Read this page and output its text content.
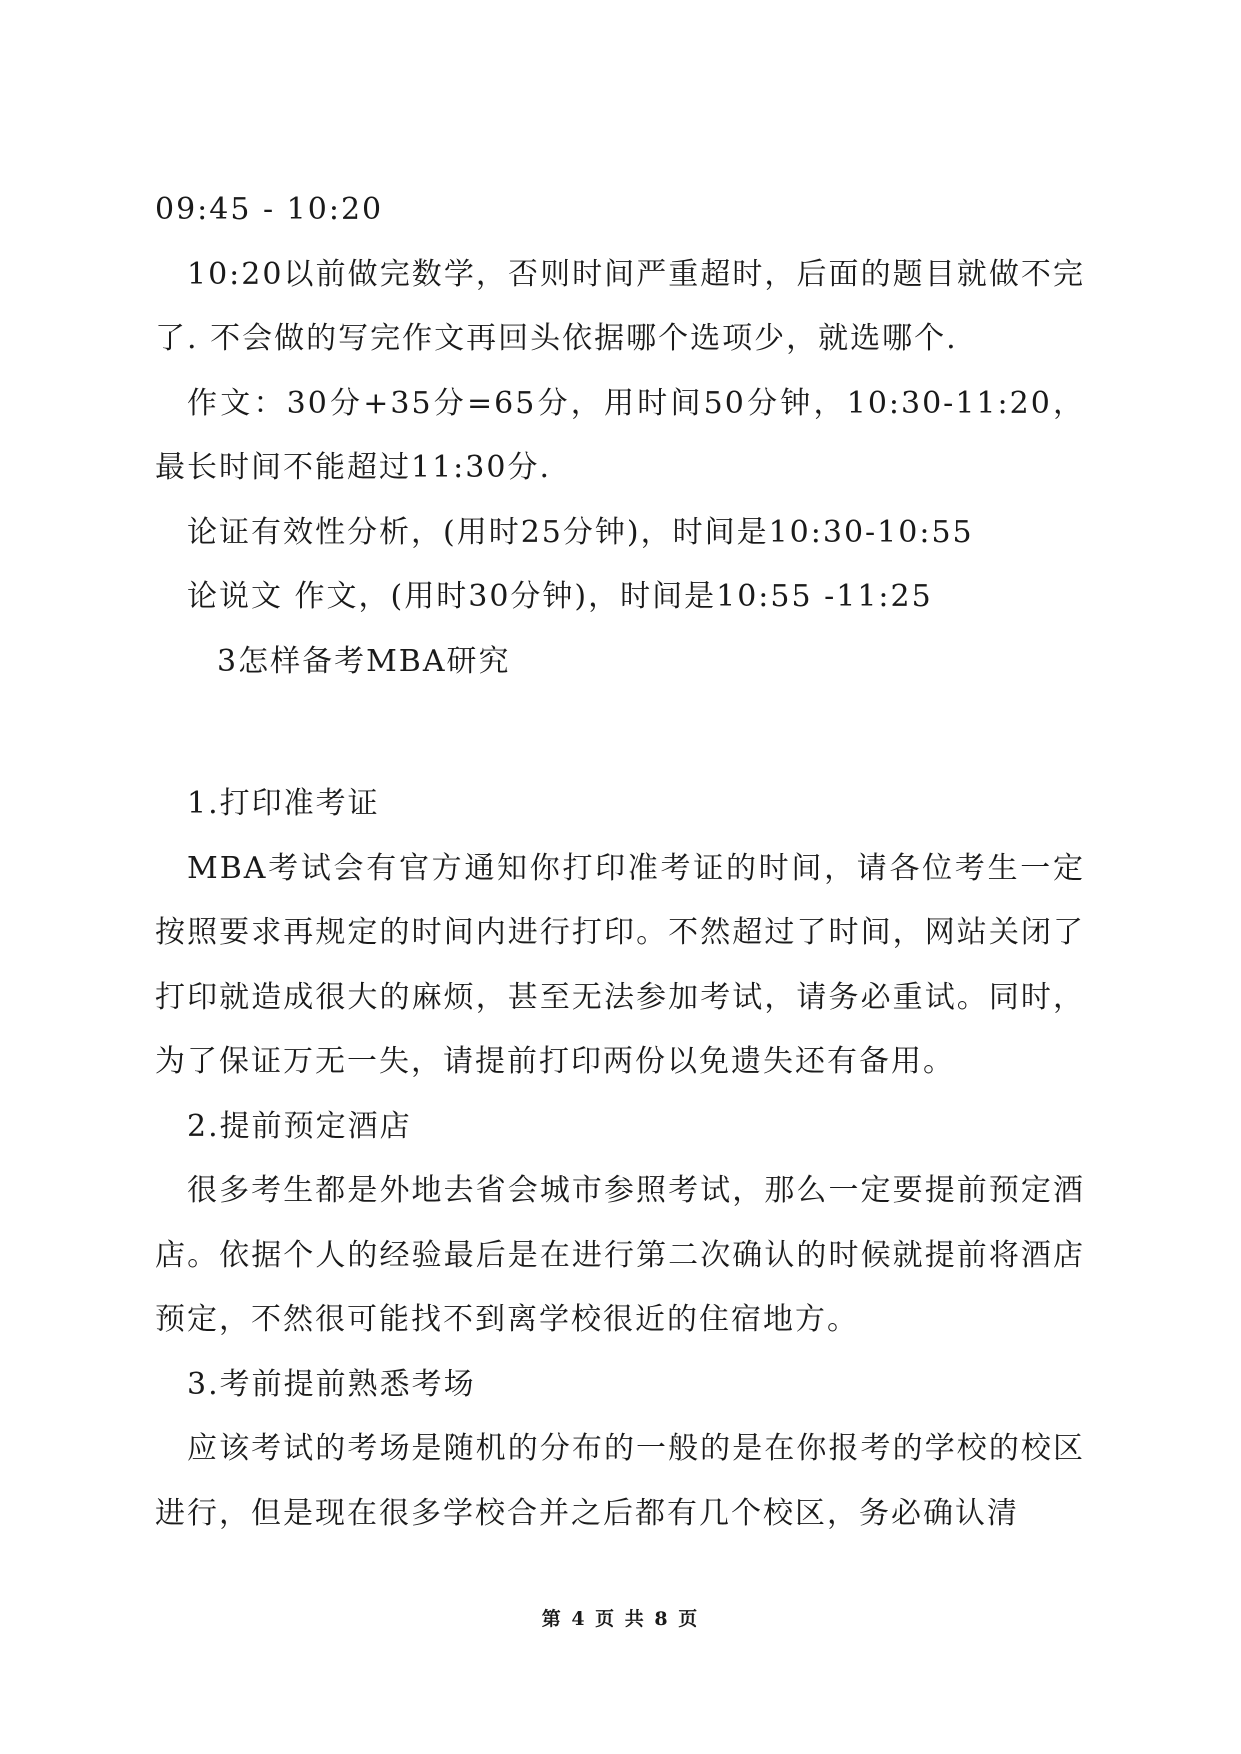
09:45 - 10:20

10:20以前做完数学，否则时间严重超时，后面的题目就做不完了. 不会做的写完作文再回头依据哪个选项少，就选哪个.

作文：30分+35分=65分，用时间50分钟，10:30-11:20，最长时间不能超过11:30分.

论证有效性分析，(用时25分钟)，时间是10:30-10:55

论说文 作文，(用时30分钟)，时间是10:55 -11:25

3怎样备考MBA研究

1.打印准考证

MBA考试会有官方通知你打印准考证的时间，请各位考生一定按照要求再规定的时间内进行打印。不然超过了时间，网站关闭了打印就造成很大的麻烦，甚至无法参加考试，请务必重试。同时，为了保证万无一失，请提前打印两份以免遗失还有备用。

2.提前预定酒店

很多考生都是外地去省会城市参照考试，那么一定要提前预定酒店。依据个人的经验最后是在进行第二次确认的时候就提前将酒店预定，不然很可能找不到离学校很近的住宿地方。

3.考前提前熟悉考场

应该考试的考场是随机的分布的一般的是在你报考的学校的校区进行，但是现在很多学校合并之后都有几个校区，务必确认清

第 4 页 共 8 页
